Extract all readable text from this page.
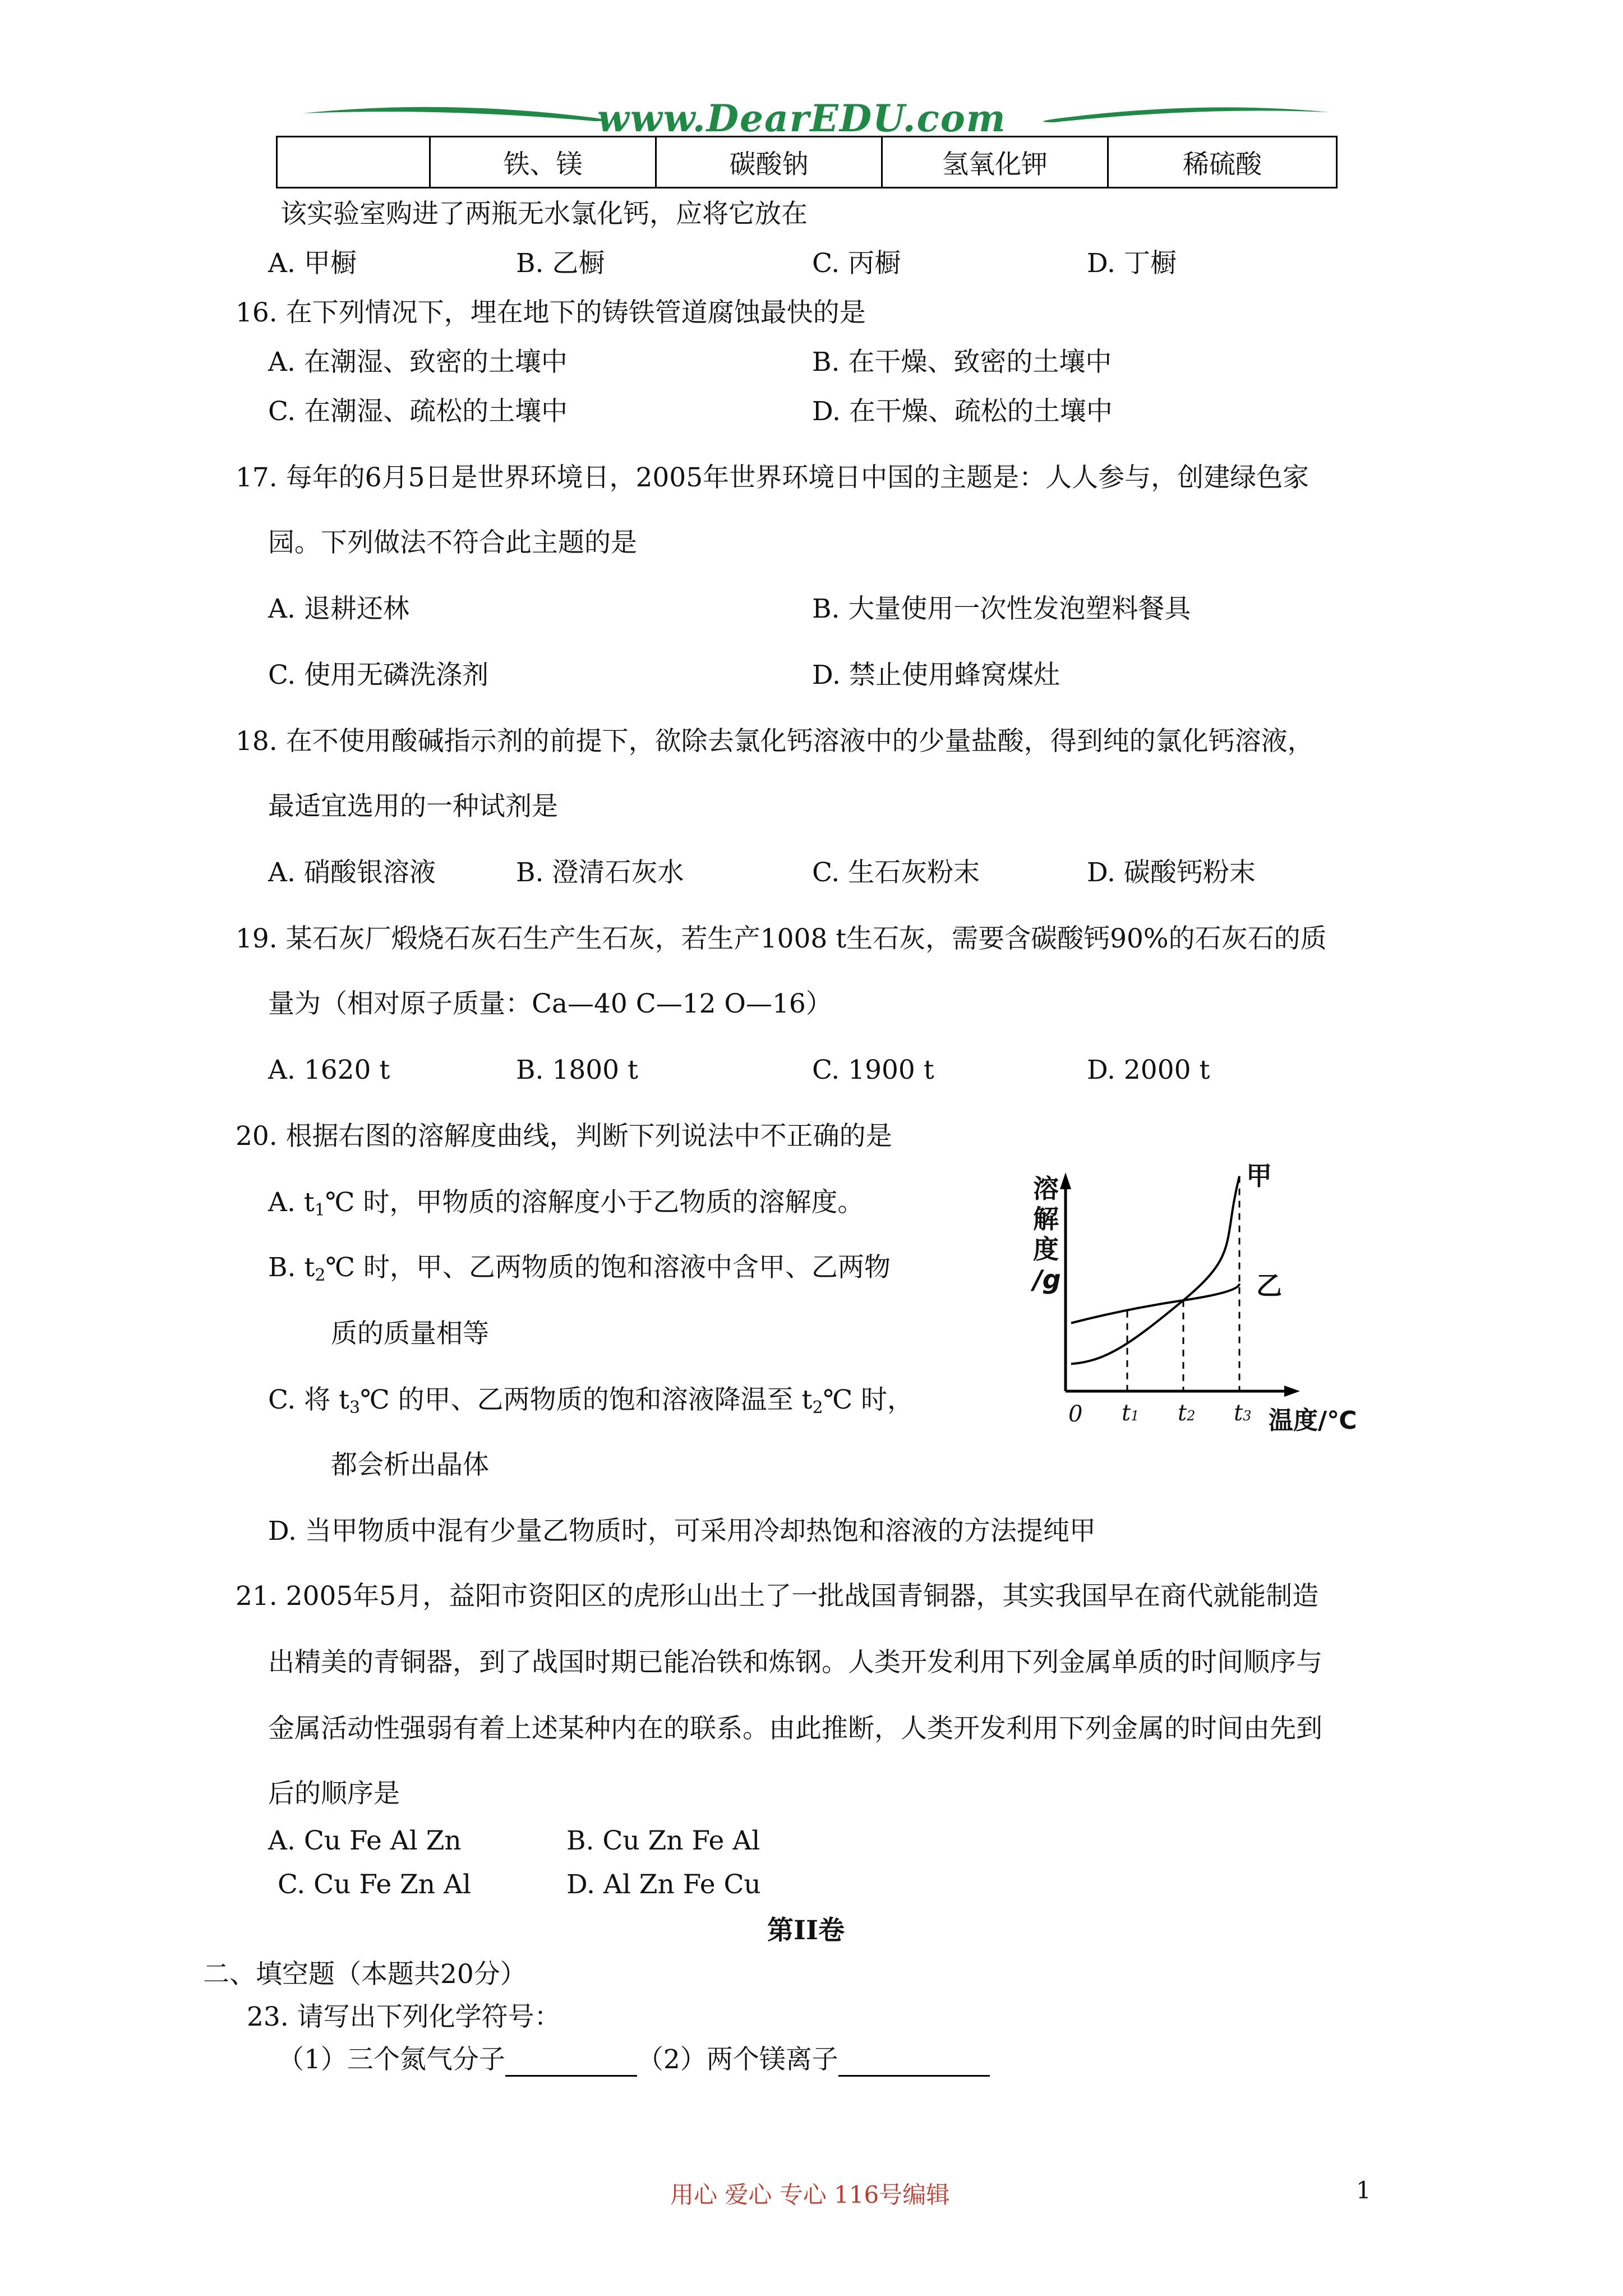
www.DearEDU.com
	铁、镁	碳酸钠	氢氧化钾	稀硫酸
该实验室购进了两瓶无水氯化钙，应将它放在
A. 甲橱	B. 乙橱	C. 丙橱	D. 丁橱
16. 在下列情况下，埋在地下的铸铁管道腐蚀最快的是
A. 在潮湿、致密的土壤中	B. 在干燥、致密的土壤中
C. 在潮湿、疏松的土壤中	D. 在干燥、疏松的土壤中
17. 每年的6月5日是世界环境日，2005年世界环境日中国的主题是：人人参与，创建绿色家
园。下列做法不符合此主题的是
A. 退耕还林	B. 大量使用一次性发泡塑料餐具
C. 使用无磷洗涤剂	D. 禁止使用蜂窝煤灶
18. 在不使用酸碱指示剂的前提下，欲除去氯化钙溶液中的少量盐酸，得到纯的氯化钙溶液，
最适宜选用的一种试剂是
A. 硝酸银溶液	B. 澄清石灰水	C. 生石灰粉末	D. 碳酸钙粉末
19. 某石灰厂煅烧石灰石生产生石灰，若生产1008 t生石灰，需要含碳酸钙90%的石灰石的质
量为（相对原子质量：Ca—40 C—12 O—16）
A. 1620 t	B. 1800 t	C. 1900 t	D. 2000 t
20. 根据右图的溶解度曲线，判断下列说法中不正确的是
A. $t_1℃$ 时，甲物质的溶解度小于乙物质的溶解度。
B. $t_2℃$ 时，甲、乙两物质的饱和溶液中含甲、乙两物
质的质量相等
C. 将 $t_3℃$ 的甲、乙两物质的饱和溶液降温至 $t_2℃$ 时，
都会析出晶体
D. 当甲物质中混有少量乙物质时，可采用冷却热饱和溶液的方法提纯甲
溶
解
度
/g
甲
乙
0 t1 t2 t3 温度/℃
21. 2005年5月，益阳市资阳区的虎形山出土了一批战国青铜器，其实我国早在商代就能制造
出精美的青铜器，到了战国时期已能冶铁和炼钢。人类开发利用下列金属单质的时间顺序与
金属活动性强弱有着上述某种内在的联系。由此推断，人类开发利用下列金属的时间由先到
后的顺序是
A. Cu Fe Al Zn	B. Cu Zn Fe Al
C. Cu Fe Zn Al	D. Al Zn Fe Cu
第II卷
二、填空题（本题共20分）
23. 请写出下列化学符号：
（1）三个氮气分子	（2）两个镁离子
用心 爱心 专心 116号编辑	1
